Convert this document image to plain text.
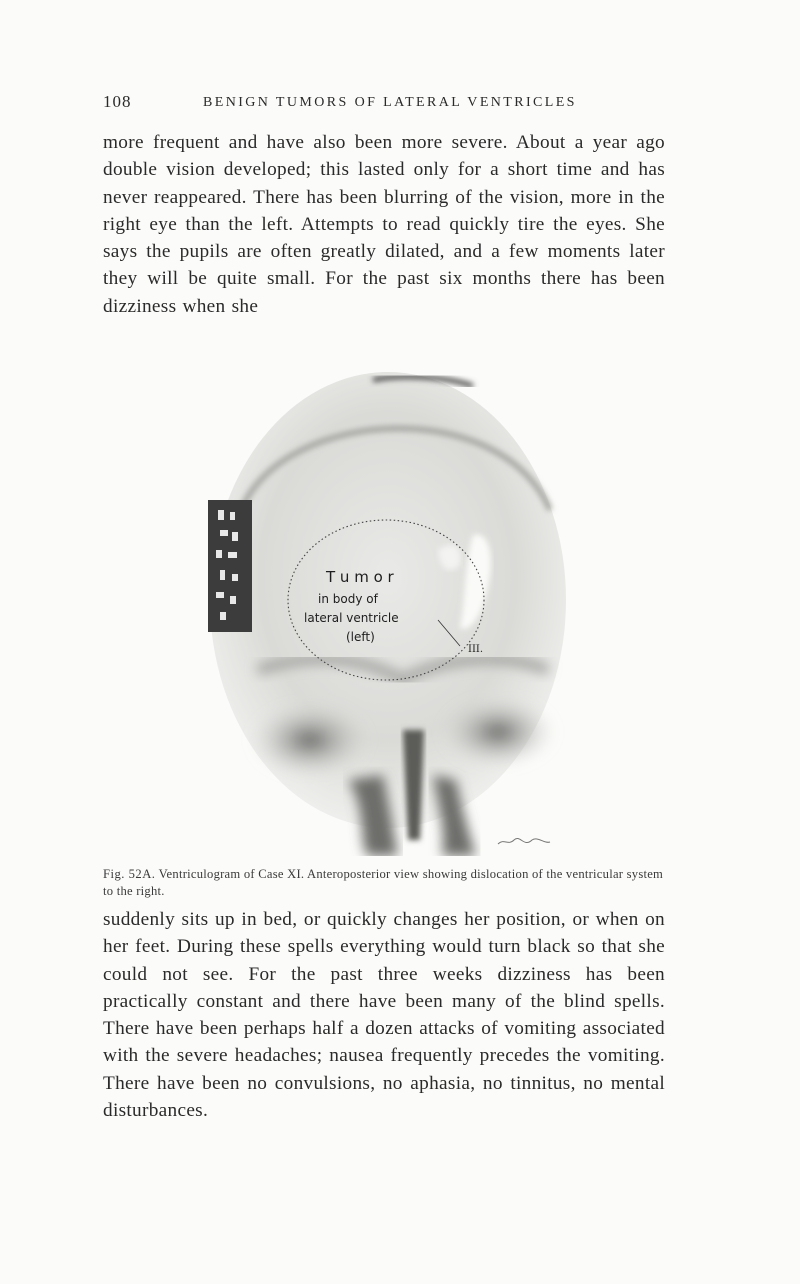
108	BENIGN TUMORS OF LATERAL VENTRICLES

more frequent and have also been more severe. About a year ago double vision developed; this lasted only for a short time and has never reappeared. There has been blurring of the vision, more in the right eye than the left. Attempts to read quickly tire the eyes. She says the pupils are often greatly dilated, and a few moments later they will be quite small. For the past six months there has been dizziness when she

T u m o r
in body of
lateral ventricle
(left)
III.

Fig. 52A. Ventriculogram of Case XI. Anteroposterior view showing dislocation of the ventricular system to the right.

suddenly sits up in bed, or quickly changes her position, or when on her feet. During these spells everything would turn black so that she could not see. For the past three weeks dizziness has been practically constant and there have been many of the blind spells. There have been perhaps half a dozen attacks of vomiting associated with the severe headaches; nausea frequently precedes the vomiting. There have been no convulsions, no aphasia, no tinnitus, no mental disturbances.
